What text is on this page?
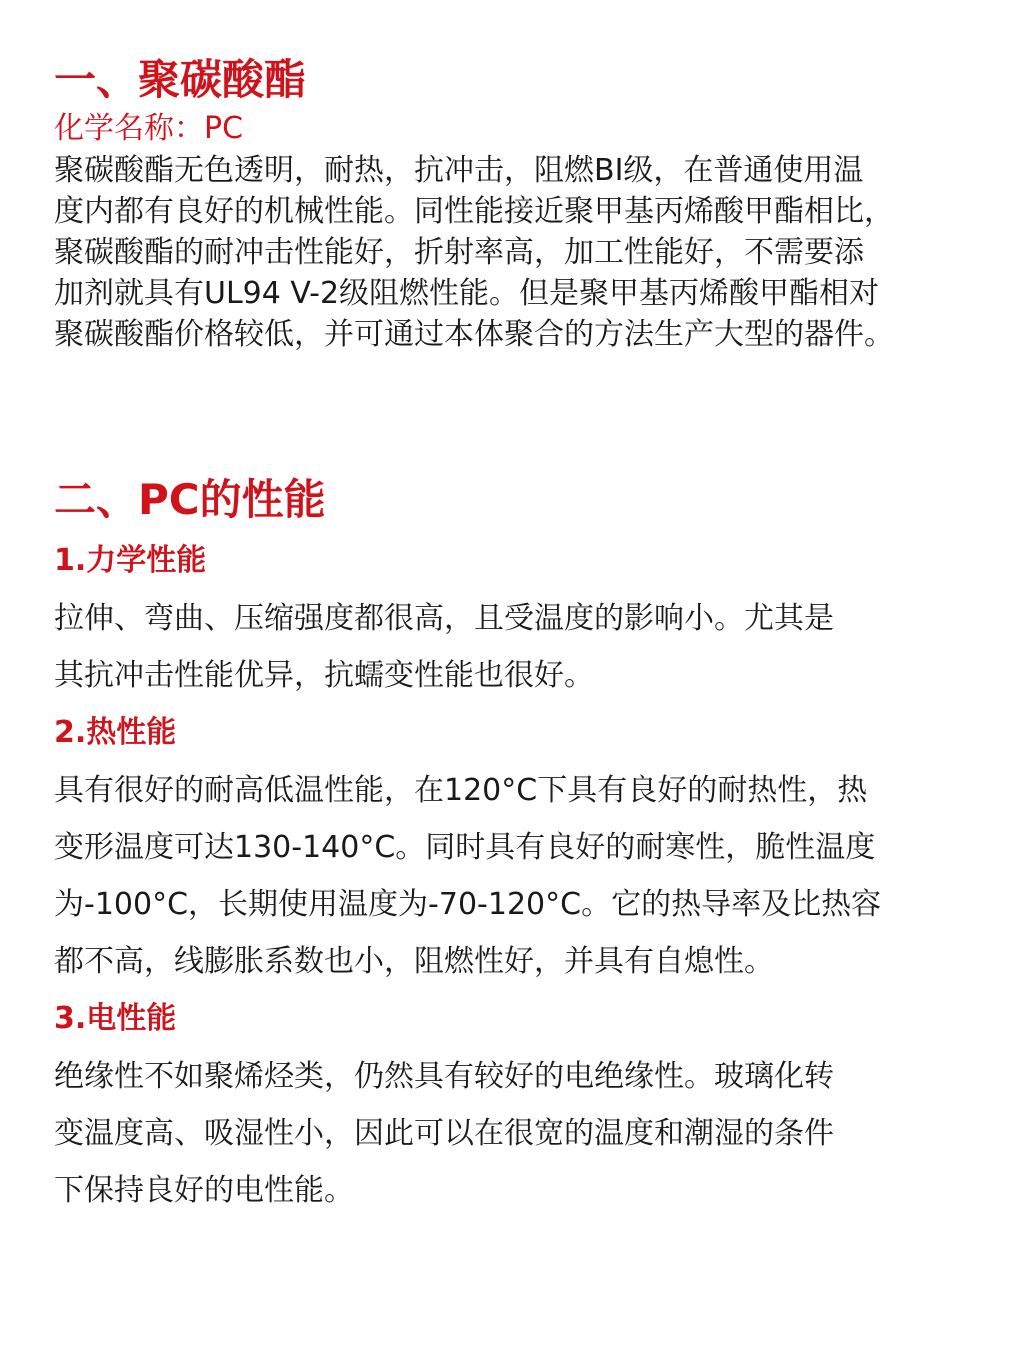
一、聚碳酸酯
化学名称：PC
聚碳酸酯无色透明，耐热，抗冲击，阻燃BI级，在普通使用温
度内都有良好的机械性能。同性能接近聚甲基丙烯酸甲酯相比，
聚碳酸酯的耐冲击性能好，折射率高，加工性能好，不需要添
加剂就具有UL94 V-2级阻燃性能。但是聚甲基丙烯酸甲酯相对
聚碳酸酯价格较低，并可通过本体聚合的方法生产大型的器件。
二、PC的性能
1.力学性能
拉伸、弯曲、压缩强度都很高，且受温度的影响小。尤其是
其抗冲击性能优异，抗蠕变性能也很好。
2.热性能
具有很好的耐高低温性能，在120°C下具有良好的耐热性，热
变形温度可达130-140°C。同时具有良好的耐寒性，脆性温度
为-100°C，长期使用温度为-70-120°C。它的热导率及比热容
都不高，线膨胀系数也小，阻燃性好，并具有自熄性。
3.电性能
绝缘性不如聚烯烃类，仍然具有较好的电绝缘性。玻璃化转
变温度高、吸湿性小，因此可以在很宽的温度和潮湿的条件
下保持良好的电性能。
